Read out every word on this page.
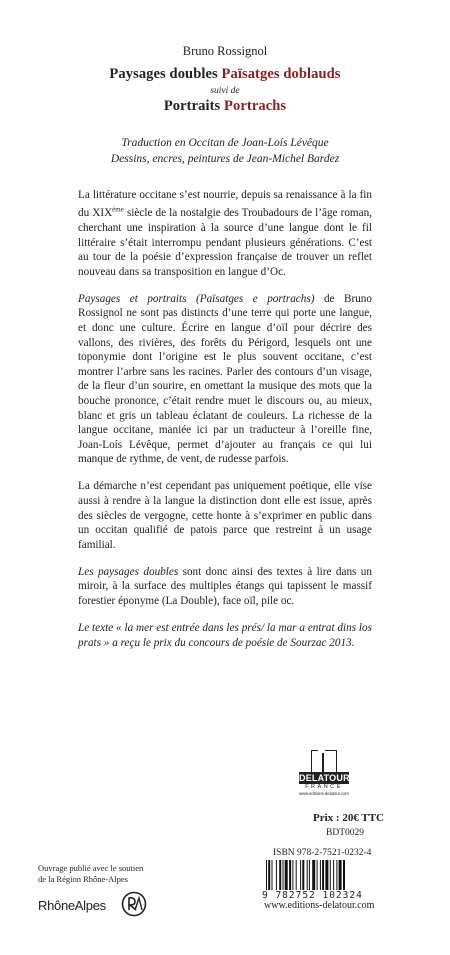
Bruno Rossignol
Paysages doubles Païsatges doblauds
suivi de
Portraits Portrachs
Traduction en Occitan de Joan-Loís Lévêque
Dessins, encres, peintures de Jean-Michel Bardez

La littérature occitane s’est nourrie, depuis sa renaissance à la fin du XIXème siècle de la nostalgie des Troubadours de l’âge roman, cherchant une inspiration à la source d’une langue dont le fil littéraire s’était interrompu pendant plusieurs générations. C’est au tour de la poésie d’expression française de trouver un reflet nouveau dans sa transposition en langue d’Oc.

Paysages et portraits (Païsatges e portrachs) de Bruno Rossignol ne sont pas distincts d’une terre qui porte une langue, et donc une culture. Écrire en langue d’oïl pour décrire des vallons, des rivières, des forêts du Périgord, lesquels ont une toponymie dont l’origine est le plus souvent occitane, c’est montrer l’arbre sans les racines. Parler des contours d’un visage, de la fleur d’un sourire, en omettant la musique des mots que la bouche prononce, c’était rendre muet le discours ou, au mieux, blanc et gris un tableau éclatant de couleurs. La richesse de la langue occitane, maniée ici par un traducteur à l’oreille fine, Joan-Loís Lévêque, permet d’ajouter au français ce qui lui manque de rythme, de vent, de rudesse parfois.

La démarche n’est cependant pas uniquement poétique, elle vise aussi à rendre à la langue la distinction dont elle est issue, après des siècles de vergogne, cette honte à s’exprimer en public dans un occitan qualifié de patois parce que restreint à un usage familial.

Les paysages doubles sont donc ainsi des textes à lire dans un miroir, à la surface des multiples étangs qui tapissent le massif forestier éponyme (La Double), face oïl, pile oc.

Le texte « la mer est entrée dans les prés/ la mar a entrat dins los prats » a reçu le prix du concours de poésie de Sourzac 2013.

DELATOUR
FRANCE
www.editions-delatour.com
Prix : 20€ TTC
BDT0029
ISBN 978-2-7521-0232-4
9 782752 102324
Ouvrage publié avec le soutien
de la Région Rhône-Alpes
RhôneAlpes	www.editions-delatour.com
